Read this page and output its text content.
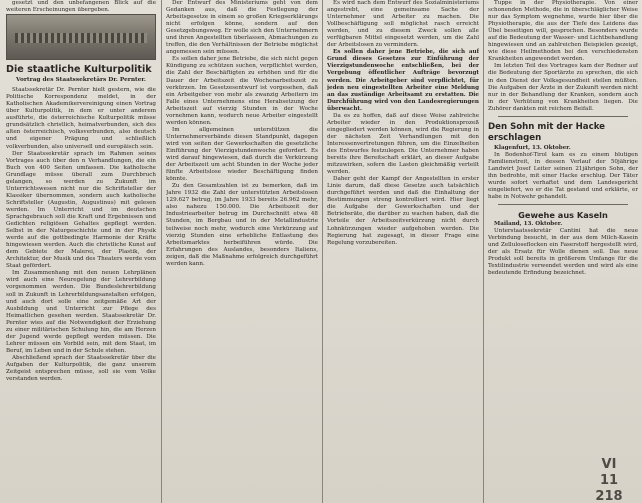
gesetzt und den unbefangenen Blick auf die weiteren Erscheinungen übergeben.

Die staatliche Kulturpolitik
Vortrag des Staatssekretärs Dr. Pernter.

Staatssekretär Dr. Pernter hielt gestern, wie die Politische Korrespondenz meldet, in der Katholischen Akademikervereinigung einen Vortrag über Kulturpolitik, in dem er unter anderem ausführte, die österreichische Kulturpolitik müsse grundsätzlich christlich, heimatverbunden, sich des alten österreichisch, volksverbunden, also deutsch und eigener Prägung und schließlich volkverbunden, also universell und europäisch sein.

Der Staatssekretär sprach im Rahmen seines Vortrages auch über den n Verhandlungen, die ein Buch von 400 Seiten umfassen. Die katholische Grundlage müsse überall zum Durchbruch gelangen, so werden zu Zukunft im Unterrichtswesen nicht nur die Schriftsteller der Klassiker übernommen, sondern auch katholische Schriftsteller (Augustin, Augustinus) mit gelesen werden. Im Unterricht und im deutschen Sprachgebrauch soll die Kraft und Ergebnissen und Gedichten religiösen Gehaltes gepflegt werden. Selbst in der Naturgeschichte und in der Physik werde auf die gottbedingte Harmonie der Kräfte hingewiesen werden. Auch die christliche Kunst auf dem Gebiete der Malerei, der Plastik, der Architektur, der Musik und des Theaters werde vom Staat gefördert.

Im Zusammenhang mit den neuen Lehrplänen wird auch eine Neuregelung der Lehrerbildung vorgenommen werden. Die Bundeslehrerbildung soll in Zukunft in Lehrerbildungsanstalten erfolgen, und auch dort solle eine zeitgemäße Art der Ausbildung und Unterricht zur Pflege des Heimatlichen gesehen werden. Staatssekretär Dr. Pernter wies auf die Notwendigkeit der Erziehung zu einer militärischen Schulung hin, die am Herzen der Jugend werde gepflegt werden müssen. Die Lehrer müssen ein Vorbild sein, mit dem Staat, im Beruf, im Leben und in der Schule stehen.

Abschließend sprach der Staatssekretär über die Aufgaben der Kulturpolitik, die ganz unserem Zeitgeist entsprechen müsse, soll sie vom Volke verstanden werden.

Der Entwurf des Ministeriums geht von dem Gedanken aus, daß die Festlegung der Arbeitsgesetze in einem so großen Kriegserklärungs nicht erfolgen könne, sondern auf den Gesetzgebungsweg. Er wolle sich den Unternehmern und ihren Angestellten überlassen, Abmachungen zu treffen, die den Verhältnissen der Betriebe möglichst angemessen sein müssen.

Es sollen daher jene Betriebe, die sich nicht gegen Kündigung zu schützen suchen, verpflichtet werden, die Zahl der Beschäftigten zu erhöhen und für die Dauer der Arbeitszeit die Wochenarbeitszeit zu verkürzen. Im Gesetzesentwurf ist vorgesehen, daß ein Arbeitgeber von mehr als zwanzig Arbeitern im Falle eines Unternehmens eine Herabsetzung der Arbeitszeit auf vierzig Stunden in der Woche vornehmen kann, wodurch neue Arbeiter eingestellt werden können.

Im allgemeinen unterstützen die Unternehmerverbände diesen Standpunkt, dagegen wird von seiten der Gewerkschaften die gesetzliche Einführung der Vierzigstundenwoche gefordert. Es wird darauf hingewiesen, daß durch die Verkürzung der Arbeitszeit um acht Stunden in der Woche jeder fünfte Arbeitslose wieder Beschäftigung finden könnte.

Zu den Gesamtzahlen ist zu bemerken, daß im Jahre 1932 die Zahl der unterstützten Arbeitslosen 129.627 betrug, im Jahre 1933 bereits 26.962 mehr, also nahezu 150.000. Die Arbeitszeit der Industriearbeiter betrug im Durchschnitt etwa 48 Stunden, im Bergbau und in der Metallindustrie teilweise noch mehr, wodurch eine Verkürzung auf vierzig Stunden eine erhebliche Entlastung des Arbeitsmarktes herbeiführen würde. Die Erfahrungen des Auslandes, besonders Italiens, zeigen, daß die Maßnahme erfolgreich durchgeführt werden kann.

Es wird nach dem Entwurf des Sozialministeriums angestrebt, eine gemeinsame Sache der Unternehmer und Arbeiter zu machen. Die Vollbeschäftigung soll möglichst rasch erreicht werden, und zu diesem Zweck sollen alle verfügbaren Mittel eingesetzt werden, um die Zahl der Arbeitslosen zu vermindern.

Es sollen daher jene Betriebe, die sich auf Grund dieses Gesetzes zur Einführung der Vierzigstundenwoche entschließen, bei der Vergebung öffentlicher Aufträge bevorzugt werden. Die Arbeitgeber sind verpflichtet, für jeden neu eingestellten Arbeiter eine Meldung an das zuständige Arbeitsamt zu erstatten. Die Durchführung wird von den Landesregierungen überwacht.

Da es zu hoffen, daß auf diese Weise zahlreiche Arbeiter wieder in den Produktionsprozeß eingegliedert werden können, wird die Regierung in der nächsten Zeit Verhandlungen mit den Interessenvertretungen führen, um die Einzelheiten des Entwurfes festzulegen. Die Unternehmer haben bereits ihre Bereitschaft erklärt, an dieser Aufgabe mitzuwirken, sofern die Lasten gleichmäßig verteilt werden.

Daher geht der Kampf der Angestellten in erster Linie darum, daß diese Gesetze auch tatsächlich durchgeführt werden und daß die Einhaltung der Bestimmungen streng kontrolliert wird. Hier liegt die Aufgabe der Gewerkschaften und der Betriebsräte, die darüber zu wachen haben, daß die Vorteile der Arbeitszeitverkürzung nicht durch Lohnkürzungen wieder aufgehoben werden. Die Regierung hat zugesagt, in dieser Frage eine Regelung vorzubereiten.

Tuppe in der Physiotherapie. Von einer schonenden Methode, die in überschläglicher Weise nur das Symptom wegnehme, wurde hier über die Physiotherapie, die aus der Tiefe des Leidens das Übel beseitigen will, gesprochen. Besonders wurde auf die Bedeutung der Wasser- und Lichtbehandlung hingewiesen und an zahlreichen Beispielen gezeigt, wie diese Heilmethoden bei den verschiedensten Krankheiten angewendet werden.

Im letzten Teil des Vortrages kam der Redner auf die Bedeutung der Sportärzte zu sprechen, die sich in den Dienst der Volksgesundheit stellen müßten. Die Aufgaben der Ärzte in der Zukunft werden nicht nur in der Behandlung der Kranken, sondern auch in der Verhütung von Krankheiten liegen. Die Zuhörer dankten mit reichem Beifall.

Den Sohn mit der Hacke erschlagen

Klagenfurt, 13. Oktober.

In Bodenhof-Tirol kam es zu einem blutigen Familienstreit, in dessen Verlauf der 50jährige Landwirt Josef Leiter seinen 21jährigen Sohn, der ihn bedrohte, mit einer Hacke erschlug. Der Täter wurde sofort verhaftet und dem Landesgericht eingeliefert, wo er die Tat gestand und erklärte, er habe in Notwehr gehandelt.

Gewehe aus Kaseln

Mailand, 13. Oktober.

Unterstaatssekretär Cantini hat die neue Verbindung besucht, in der aus dem Milch-Kasein und Zelluloseflocken ein Faserstoff hergestellt wird, der als Ersatz für Wolle dienen soll. Das neue Produkt soll bereits in größerem Umfange für die Textilindustrie verwendet werden und wird als eine bedeutende Erfindung bezeichnet.

VI 11 218
